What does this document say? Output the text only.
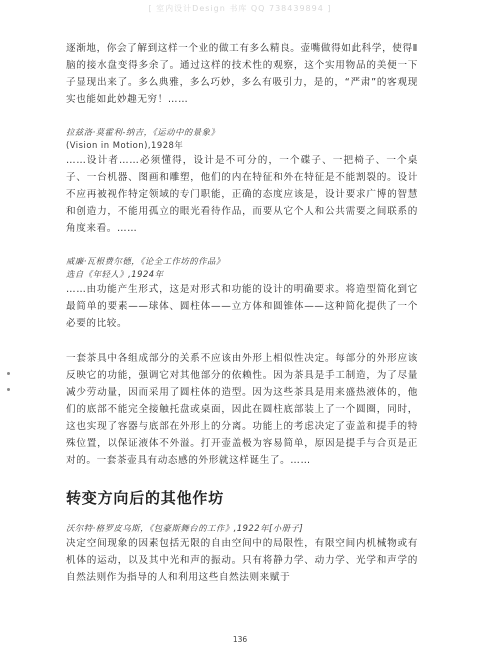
[ 室内设计Design 书库 QQ 738439894 ]

逐渐地，你会了解到这样一个业的做工有多么精良。壶嘴做得如此科学，使得Ⅱ脑的接水盘变得多余了。通过这样的技术性的观察，这个实用物品的美便一下子显现出来了。多么典雅，多么巧妙，多么有吸引力，是的，“严肃”的客观现实也能如此妙趣无穷！……

拉兹洛·莫霍利-纳吉，《运动中的景象》

(Vision in Motion),1928年

……设计者……必须懂得，设计是不可分的，一个碟子、一把椅子、一个桌子、一台机器、图画和雕塑，他们的内在特征和外在特征是不能割裂的。设计不应再被视作特定领域的专门职能，正确的态度应该是，设计要求广博的智慧和创造力，不能用孤立的眼光看待作品，而要从它个人和公共需要之间联系的角度来看。……

威廉·瓦根费尔德，《论全工作坊的作品》

选自《年轻人》,1924年

……由功能产生形式，这是对形式和功能的设计的明确要求。将造型简化到它最简单的要素——球体、圆柱体——立方体和圆锥体——这种简化提供了一个必要的比较。

一套茶具中各组成部分的关系不应该由外形上相似性决定。每部分的外形应该反映它的功能，强调它对其他部分的依赖性。因为茶具是手工制造，为了尽量减少劳动量，因而采用了圆柱体的造型。因为这些茶具是用来盛热液体的，他们的底部不能完全接触托盘或桌面，因此在圆柱底部装上了一个圆圈，同时，这也实现了容器与底部在外形上的分离。功能上的考虑决定了壶盖和提手的特殊位置，以保证液体不外溢。打开壶盖极为容易简单，原因是提手与合页是正对的。一套茶壶具有动态感的外形就这样诞生了。……

转变方向后的其他作坊

沃尔特·格罗皮乌斯，《包豪斯舞台的工作》,1922年[小册子]

决定空间现象的因素包括无限的自由空间中的局限性，有限空间内机械物或有机体的运动，以及其中光和声的振动。只有将静力学、动力学、光学和声学的自然法则作为指导的人和利用这些自然法则来赋于

136
